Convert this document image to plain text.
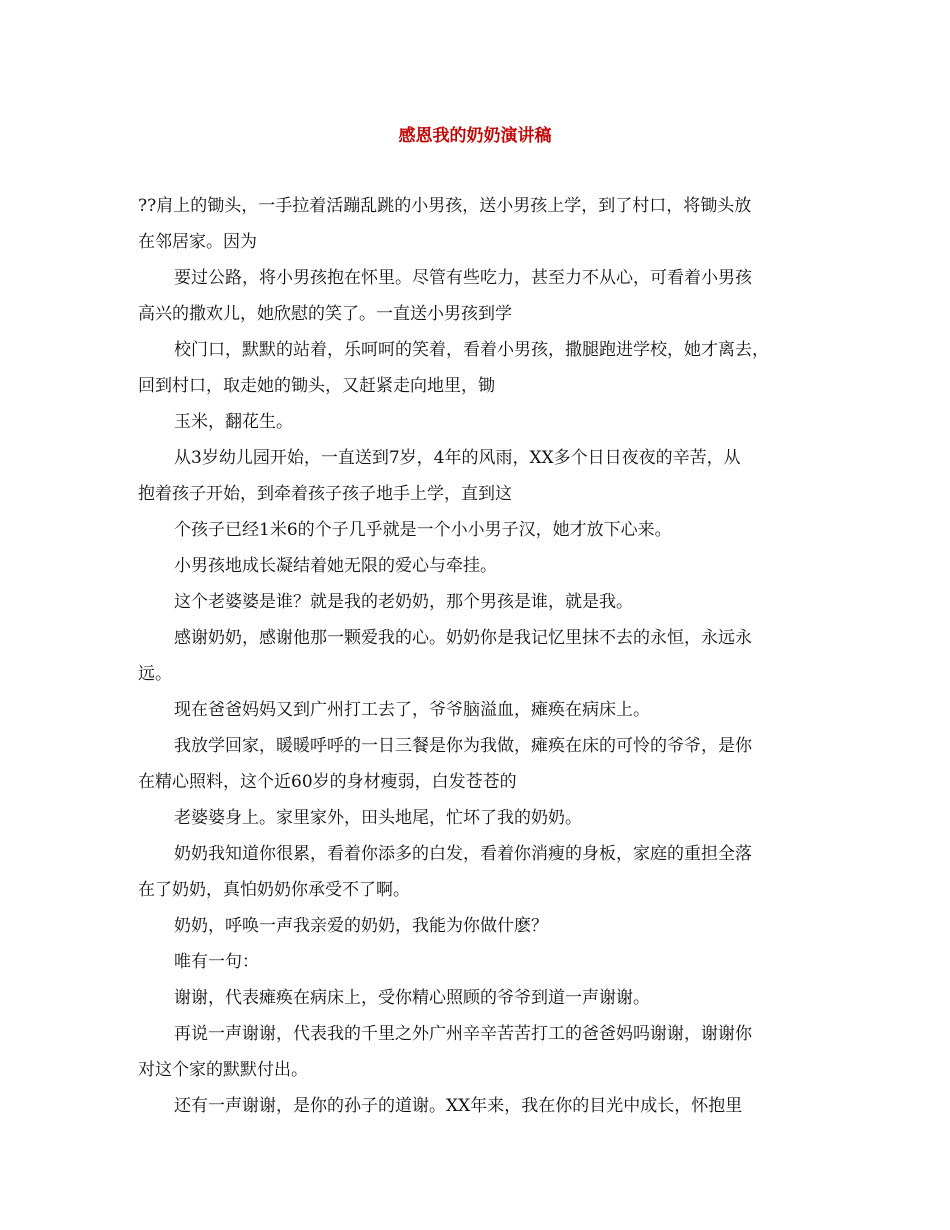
感恩我的奶奶演讲稿
??肩上的锄头，一手拉着活蹦乱跳的小男孩，送小男孩上学，到了村口，将锄头放
在邻居家。因为
要过公路，将小男孩抱在怀里。尽管有些吃力，甚至力不从心，可看着小男孩
高兴的撒欢儿，她欣慰的笑了。一直送小男孩到学
校门口，默默的站着，乐呵呵的笑着，看着小男孩，撒腿跑进学校，她才离去，
回到村口，取走她的锄头，又赶紧走向地里，锄
玉米，翻花生。
从3岁幼儿园开始，一直送到7岁，4年的风雨，XX多个日日夜夜的辛苦，从
抱着孩子开始，到牵着孩子孩子地手上学，直到这
个孩子已经1米6的个子几乎就是一个小小男子汉，她才放下心来。
小男孩地成长凝结着她无限的爱心与牵挂。
这个老婆婆是谁？就是我的老奶奶，那个男孩是谁，就是我。
感谢奶奶，感谢他那一颗爱我的心。奶奶你是我记忆里抹不去的永恒，永远永
远。
现在爸爸妈妈又到广州打工去了，爷爷脑溢血，瘫痪在病床上。
我放学回家，暖暖呼呼的一日三餐是你为我做，瘫痪在床的可怜的爷爷，是你
在精心照料，这个近60岁的身材瘦弱，白发苍苍的
老婆婆身上。家里家外，田头地尾，忙坏了我的奶奶。
奶奶我知道你很累，看着你添多的白发，看着你消瘦的身板，家庭的重担全落
在了奶奶，真怕奶奶你承受不了啊。
奶奶，呼唤一声我亲爱的奶奶，我能为你做什麽？
唯有一句：
谢谢，代表瘫痪在病床上，受你精心照顾的爷爷到道一声谢谢。
再说一声谢谢，代表我的千里之外广州辛辛苦苦打工的爸爸妈吗谢谢，谢谢你
对这个家的默默付出。
还有一声谢谢，是你的孙子的道谢。XX年来，我在你的目光中成长，怀抱里
